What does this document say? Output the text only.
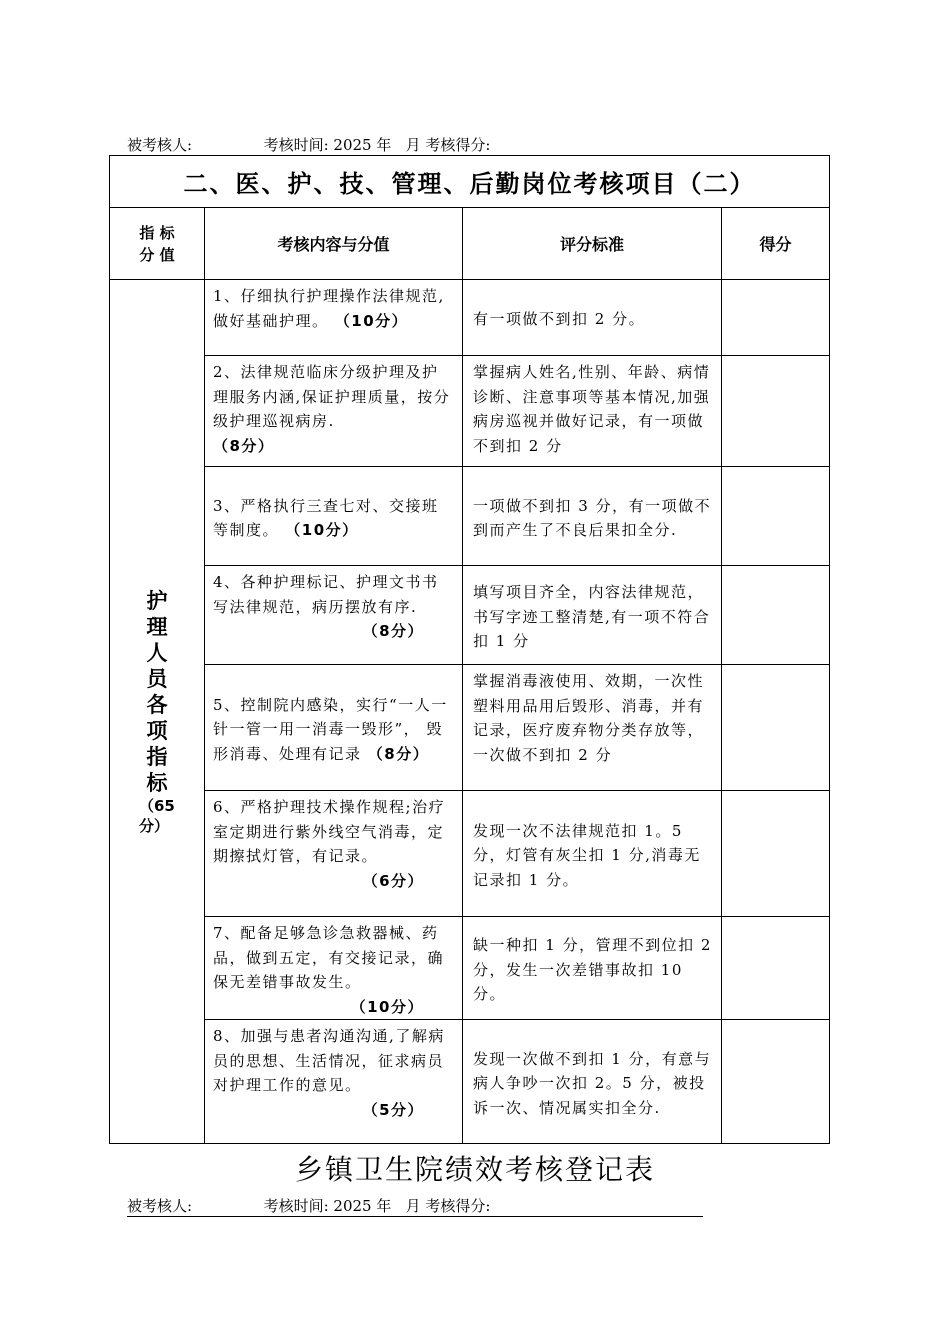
被考核人:	考核时间: 2025 年   月 考核得分:
二、医、护、技、管理、后勤岗位考核项目（二）			

指 标
分 值	考核内容与分值	评分标准	得分

护理人员各项指标
（65分）	1、仔细执行护理操作法律规范,做好基础护理。 （10分）	有一项做不到扣 2 分。	
	2、法律规范临床分级护理及护理服务内涵,保证护理质量，按分级护理巡视病房.
（8分）	掌握病人姓名,性别、年龄、病情诊断、注意事项等基本情况,加强病房巡视并做好记录，有一项做不到扣 2 分	
	3、严格执行三查七对、交接班等制度。 （10分）	一项做不到扣 3 分，有一项做不到而产生了不良后果扣全分.	
	4、各种护理标记、护理文书书写法律规范，病历摆放有序.
（8分）	填写项目齐全，内容法律规范，书写字迹工整清楚,有一项不符合扣 1 分	
	5、控制院内感染，实行“一人一针一管一用一消毒一毁形”， 毁形消毒、处理有记录 （8分）	掌握消毒液使用、效期，一次性塑料用品用后毁形、消毒，并有记录，医疗废弃物分类存放等，一次做不到扣 2 分	
	6、严格护理技术操作规程;治疗室定期进行紫外线空气消毒，定期擦拭灯管，有记录。
（6分）	发现一次不法律规范扣 1。5 分，灯管有灰尘扣 1 分,消毒无记录扣 1 分。	
	7、配备足够急诊急救器械、药品，做到五定，有交接记录，确保无差错事故发生。
（10分）	缺一种扣 1 分，管理不到位扣 2 分，发生一次差错事故扣 10 分。	
	8、加强与患者沟通沟通,了解病员的思想、生活情况，征求病员对护理工作的意见。
（5分）	发现一次做不到扣 1 分，有意与病人争吵一次扣 2。5 分，被投诉一次、情况属实扣全分.	
乡镇卫生院绩效考核登记表
被考核人:	考核时间: 2025 年   月 考核得分:
